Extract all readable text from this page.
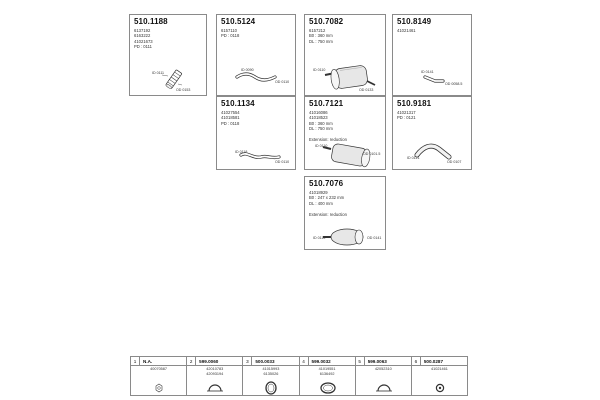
510.1188
6137192
6163222
41021673
PD : 0111
ID 0111
OD 0153
510.5124
6157110
PD : 0118
ID 0090
OD 0110
510.7082
6157212
B0 : 360 mm
DL : 750 mm
ID 0110
OD 0133
510.8149
41021461
ID 0141
OD 0058.5
510.1134
41027554
41018581
PD : 0118
ID 0118
OD 0110
510.7121
41016086
41018523
B0 : 360 mm
DL : 750 mm

Extension: reduction
ID 0110
OD 0101.5
510.9181
41021317
PD : 0121
ID 0121
OD 0107
510.7076
41018929
B0 : 247 x 232 mm
DL : 400 mm

Extension: reduction
ID 0110	OD 0141
1	N.A.
40070587
2	599.0060
42010783
42093194
3	500.0033
41015993
6135026
4	599.0032
41019551
6136492
5	599.0063
42052310
6	500.0287
41021461
